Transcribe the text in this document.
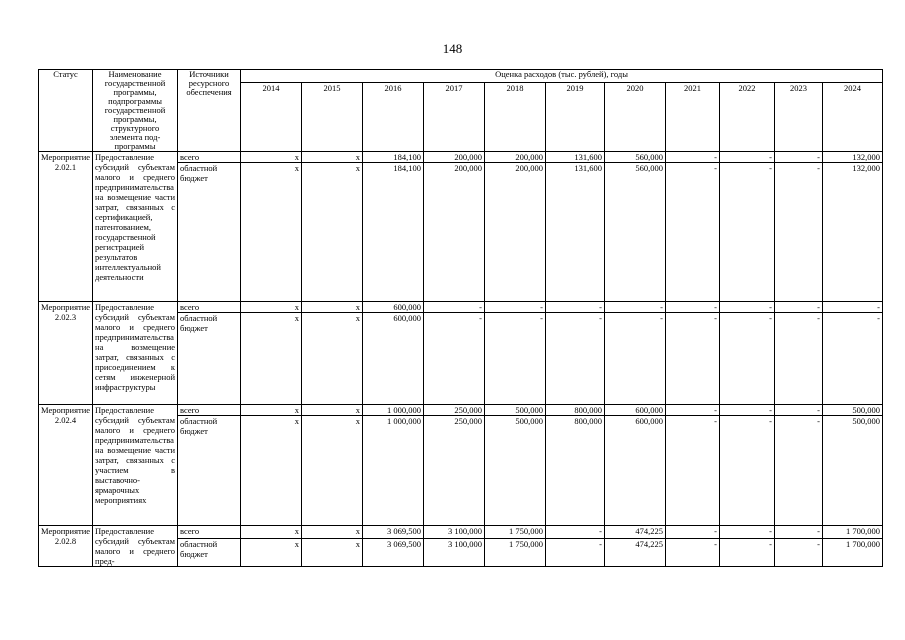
148
Статус	Наименование государственной программы, подпрограммы государственной программы, структурного элемента под-программы	Источники ресурсного обеспечения	Оценка расходов (тыс. рублей), годы										
			2014	2015	2016	2017	2018	2019	2020	2021	2022	2023	2024
Мероприятие 2.02.1	Предоставление субсидий субъектам малого и среднего предпринимательства на возмещение части затрат, связанных с сертификацией, патентованием, государственной регистрацией результатов интеллектуальной деятельности	всего	x	x	184,100	200,000	200,000	131,600	560,000	-	-	-	132,000
		областной бюджет	x	x	184,100	200,000	200,000	131,600	560,000	-	-	-	132,000
Мероприятие 2.02.3	Предоставление субсидий субъектам малого и среднего предпринимательства на возмещение затрат, связанных с присоединением к сетям инженерной инфраструктуры	всего	x	x	600,000	-	-	-	-	-	-	-	-
		областной бюджет	x	x	600,000	-	-	-	-	-	-	-	-
Мероприятие 2.02.4	Предоставление субсидий субъектам малого и среднего предпринимательства на возмещение части затрат, связанных с участием в выставочно-ярмарочных мероприятиях	всего	x	x	1 000,000	250,000	500,000	800,000	600,000	-	-	-	500,000
		областной бюджет	x	x	1 000,000	250,000	500,000	800,000	600,000	-	-	-	500,000
Мероприятие 2.02.8	Предоставление субсидий субъектам малого и среднего пред-	всего	x	x	3 069,500	3 100,000	1 750,000	-	474,225	-	-	-	1 700,000
		областной бюджет	x	x	3 069,500	3 100,000	1 750,000	-	474,225	-	-	-	1 700,000
